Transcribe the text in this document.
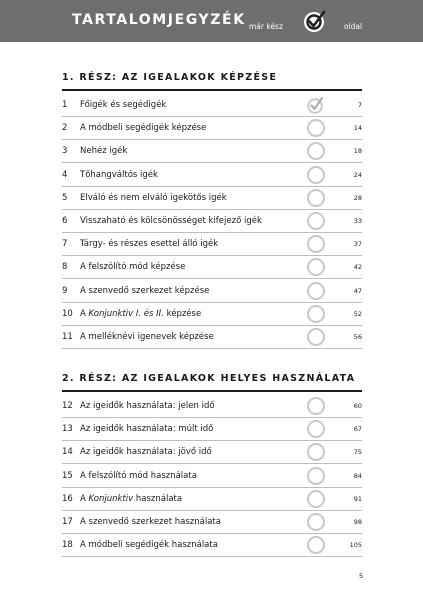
TARTALOMJEGYZÉK már kész	oldal
1. RÉSZ: AZ IGEALAKOK KÉPZÉSE
1	Főigék és segédigék	7
2	A módbeli segédigék képzése	14
3	Nehéz igék	18
4	Tőhangváltós igék	24
5	Elváló és nem elváló igekötős igék	28
6	Visszaható és kölcsönösséget kifejező igék	33
7	Tárgy- és részes esettel álló igék	37
8	A felszólító mód képzése	42
9	A szenvedő szerkezet képzése	47
10 A Konjunktiv I. és II. képzése	52
11 A melléknévi igenevek képzése	56
2. RÉSZ: AZ IGEALAKOK HELYES HASZNÁLATA
12 Az igeidők használata: jelen idő	60
13 Az igeidők használata: múlt idő	67
14 Az igeidők használata: jövő idő	75
15 A felszólító mód használata	84
16 A Konjunktiv használata	91
17 A szenvedő szerkezet használata	98
18 A módbeli segédigék használata	105
5
